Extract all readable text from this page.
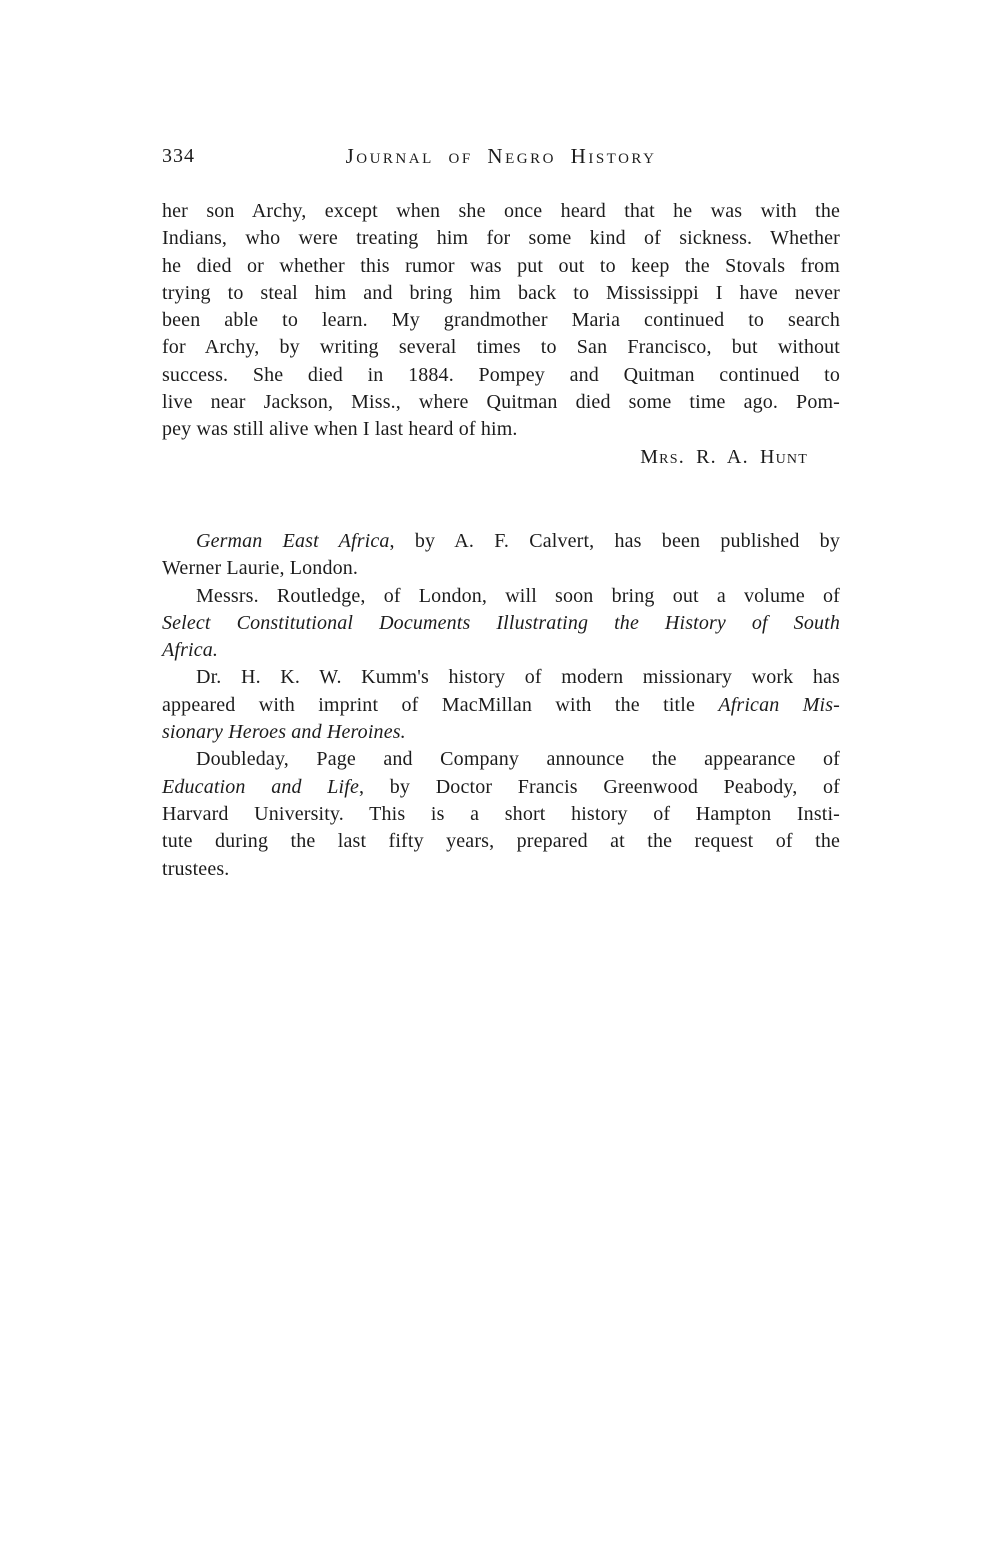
334	Journal of Negro History
her son Archy, except when she once heard that he was with the
Indians, who were treating him for some kind of sickness. Whether
he died or whether this rumor was put out to keep the Stovals from
trying to steal him and bring him back to Mississippi I have never
been able to learn. My grandmother Maria continued to search
for Archy, by writing several times to San Francisco, but without
success. She died in 1884. Pompey and Quitman continued to
live near Jackson, Miss., where Quitman died some time ago. Pom-
pey was still alive when I last heard of him.
Mrs. R. A. Hunt
German East Africa, by A. F. Calvert, has been published by
Werner Laurie, London.
Messrs. Routledge, of London, will soon bring out a volume of
Select Constitutional Documents Illustrating the History of South
Africa.
Dr. H. K. W. Kumm's history of modern missionary work has
appeared with imprint of MacMillan with the title African Mis-
sionary Heroes and Heroines.
Doubleday, Page and Company announce the appearance of
Education and Life, by Doctor Francis Greenwood Peabody, of
Harvard University. This is a short history of Hampton Insti-
tute during the last fifty years, prepared at the request of the
trustees.
